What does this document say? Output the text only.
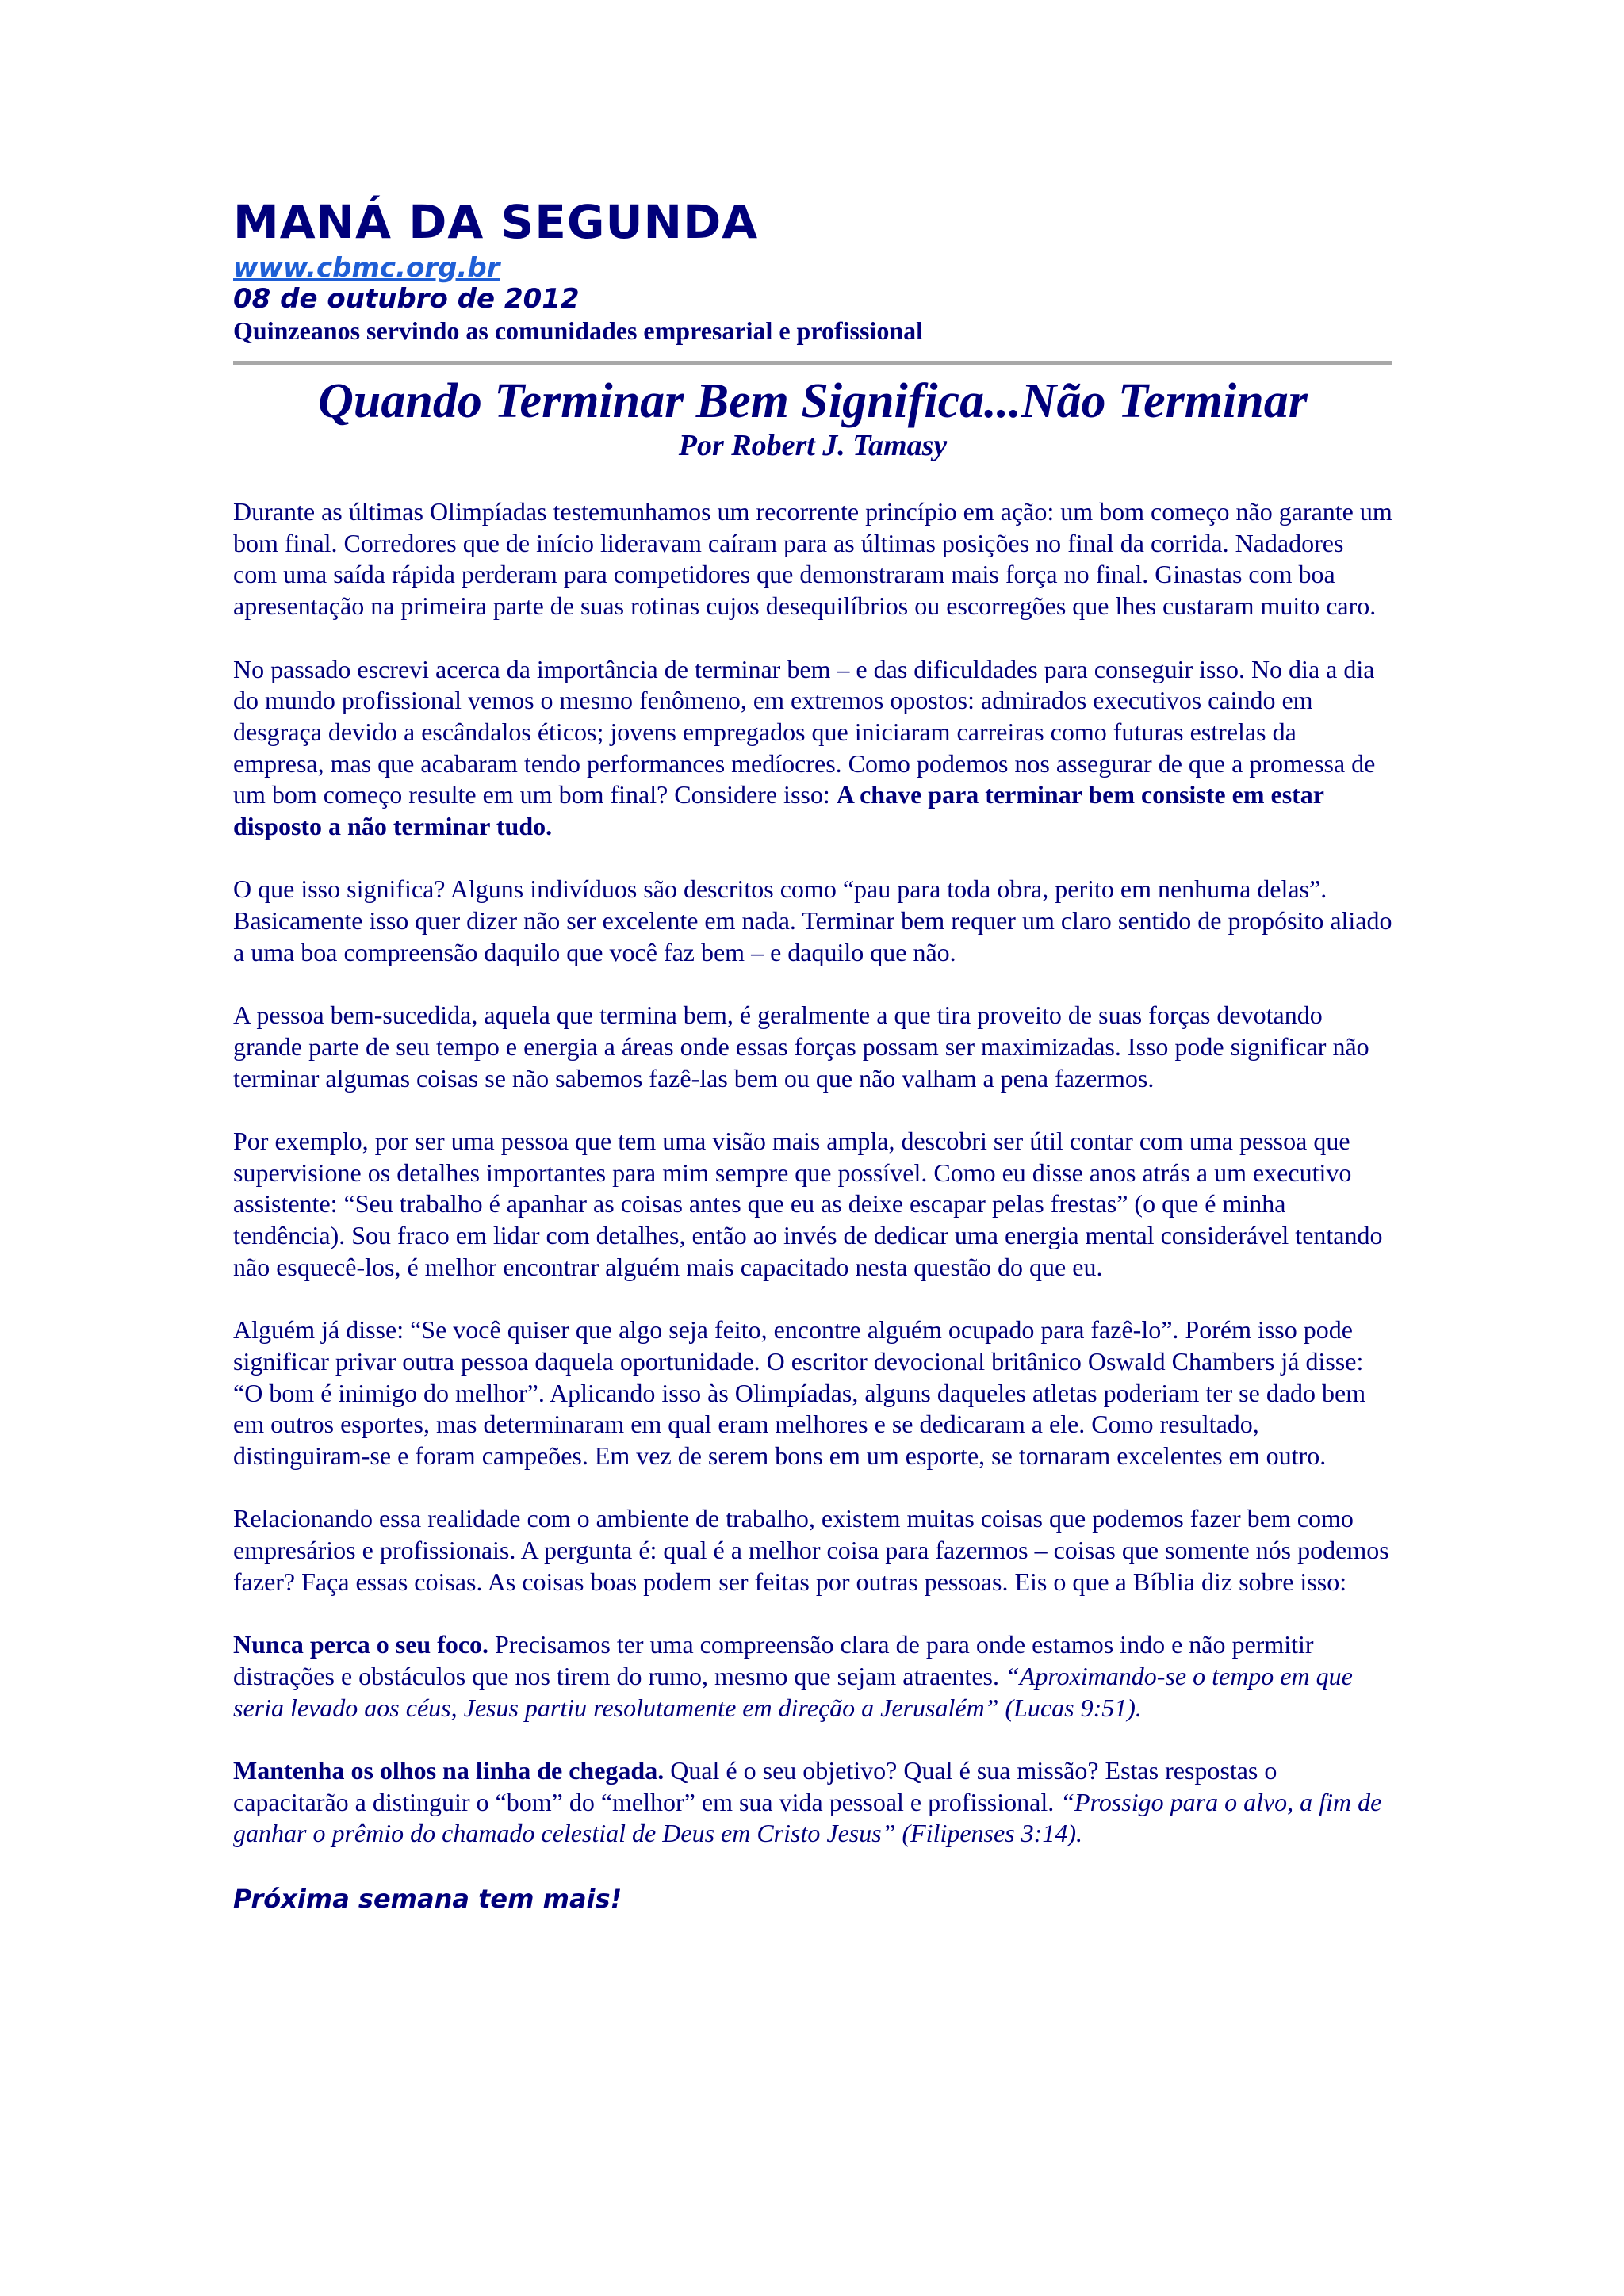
MANÁ DA SEGUNDA
www.cbmc.org.br
08 de outubro de 2012
Quinzeanos servindo as comunidades empresarial e profissional
Quando Terminar Bem Significa...Não Terminar

Por Robert J. Tamasy

Durante as últimas Olimpíadas testemunhamos um recorrente princípio em ação: um bom começo não garante um bom final. Corredores que de início lideravam caíram para as últimas posições no final da corrida. Nadadores com uma saída rápida perderam para competidores que demonstraram mais força no final. Ginastas com boa apresentação na primeira parte de suas rotinas cujos desequilíbrios ou escorregões que lhes custaram muito caro.

No passado escrevi acerca da importância de terminar bem – e das dificuldades para conseguir isso. No dia a dia do mundo profissional vemos o mesmo fenômeno, em extremos opostos: admirados executivos caindo em desgraça devido a escândalos éticos; jovens empregados que iniciaram carreiras como futuras estrelas da empresa, mas que acabaram tendo performances medíocres. Como podemos nos assegurar de que a promessa de um bom começo resulte em um bom final? Considere isso: A chave para terminar bem consiste em estar disposto a não terminar tudo.

O que isso significa? Alguns indivíduos são descritos como “pau para toda obra, perito em nenhuma delas”. Basicamente isso quer dizer não ser excelente em nada. Terminar bem requer um claro sentido de propósito aliado a uma boa compreensão daquilo que você faz bem – e daquilo que não.

A pessoa bem-sucedida, aquela que termina bem, é geralmente a que tira proveito de suas forças devotando grande parte de seu tempo e energia a áreas onde essas forças possam ser maximizadas. Isso pode significar não terminar algumas coisas se não sabemos fazê-las bem ou que não valham a pena fazermos.

Por exemplo, por ser uma pessoa que tem uma visão mais ampla, descobri ser útil contar com uma pessoa que supervisione os detalhes importantes para mim sempre que possível. Como eu disse anos atrás a um executivo assistente: “Seu trabalho é apanhar as coisas antes que eu as deixe escapar pelas frestas” (o que é minha tendência). Sou fraco em lidar com detalhes, então ao invés de dedicar uma energia mental considerável tentando não esquecê-los, é melhor encontrar alguém mais capacitado nesta questão do que eu.

Alguém já disse: “Se você quiser que algo seja feito, encontre alguém ocupado para fazê-lo”. Porém isso pode significar privar outra pessoa daquela oportunidade. O escritor devocional britânico Oswald Chambers já disse: “O bom é inimigo do melhor”. Aplicando isso às Olimpíadas, alguns daqueles atletas poderiam ter se dado bem em outros esportes, mas determinaram em qual eram melhores e se dedicaram a ele. Como resultado, distinguiram-se e foram campeões. Em vez de serem bons em um esporte, se tornaram excelentes em outro.

Relacionando essa realidade com o ambiente de trabalho, existem muitas coisas que podemos fazer bem como empresários e profissionais. A pergunta é: qual é a melhor coisa para fazermos – coisas que somente nós podemos fazer? Faça essas coisas. As coisas boas podem ser feitas por outras pessoas. Eis o que a Bíblia diz sobre isso:

Nunca perca o seu foco. Precisamos ter uma compreensão clara de para onde estamos indo e não permitir distrações e obstáculos que nos tirem do rumo, mesmo que sejam atraentes. “Aproximando-se o tempo em que seria levado aos céus, Jesus partiu resolutamente em direção a Jerusalém” (Lucas 9:51).

Mantenha os olhos na linha de chegada. Qual é o seu objetivo? Qual é sua missão? Estas respostas o capacitarão a distinguir o “bom” do “melhor” em sua vida pessoal e profissional. “Prossigo para o alvo, a fim de ganhar o prêmio do chamado celestial de Deus em Cristo Jesus” (Filipenses 3:14).

Próxima semana tem mais!
